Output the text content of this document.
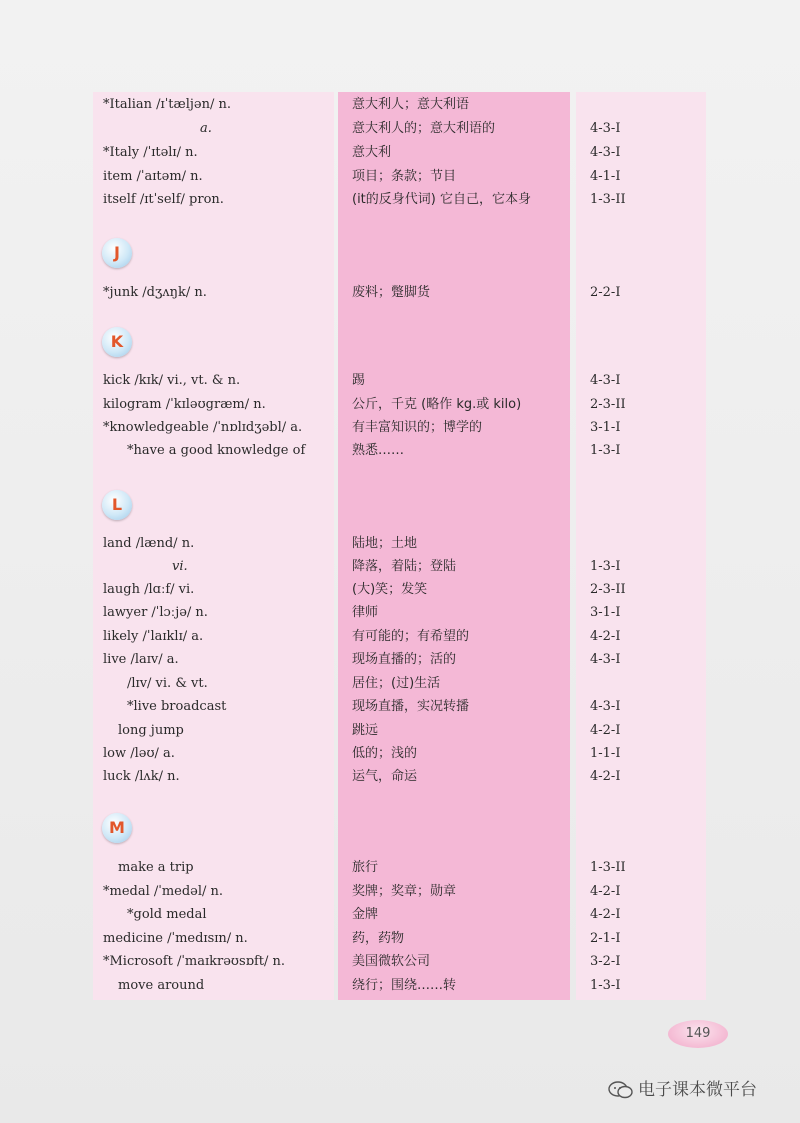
*Italian /ɪˈtæljən/ n.	意大利人；意大利语
a.	意大利人的；意大利语的	4-3-I
*Italy /ˈɪtəlɪ/ n.	意大利	4-3-I
item /ˈaɪtəm/ n.	项目；条款；节目	4-1-I
itself /ɪtˈself/ pron.	(it的反身代词) 它自己，它本身	1-3-II
J
*junk /dʒʌŋk/ n.	废料；蹩脚货	2-2-I
K
kick /kɪk/ vi., vt. & n.	踢	4-3-I
kilogram /ˈkɪləʊgræm/ n.	公斤，千克 (略作 kg.或 kilo)	2-3-II
*knowledgeable /ˈnɒlɪdʒəbl/ a.	有丰富知识的；博学的	3-1-I
*have a good knowledge of	熟悉……	1-3-I
L
land /lænd/ n.	陆地；土地
vi.	降落，着陆；登陆	1-3-I
laugh /lɑːf/ vi.	(大)笑；发笑	2-3-II
lawyer /ˈlɔːjə/ n.	律师	3-1-I
likely /ˈlaɪklɪ/ a.	有可能的；有希望的	4-2-I
live /laɪv/ a.	现场直播的；活的	4-3-I
/lɪv/ vi. & vt.	居住；(过)生活
*live broadcast	现场直播，实况转播	4-3-I
long jump	跳远	4-2-I
low /ləʊ/ a.	低的；浅的	1-1-I
luck /lʌk/ n.	运气，命运	4-2-I
M
make a trip	旅行	1-3-II
*medal /ˈmedəl/ n.	奖牌；奖章；勋章	4-2-I
*gold medal	金牌	4-2-I
medicine /ˈmedɪsɪn/ n.	药，药物	2-1-I
*Microsoft /ˈmaɪkrəʊsɒft/ n.	美国微软公司	3-2-I
move around	绕行；围绕……转	1-3-I
149
电子课本微平台
